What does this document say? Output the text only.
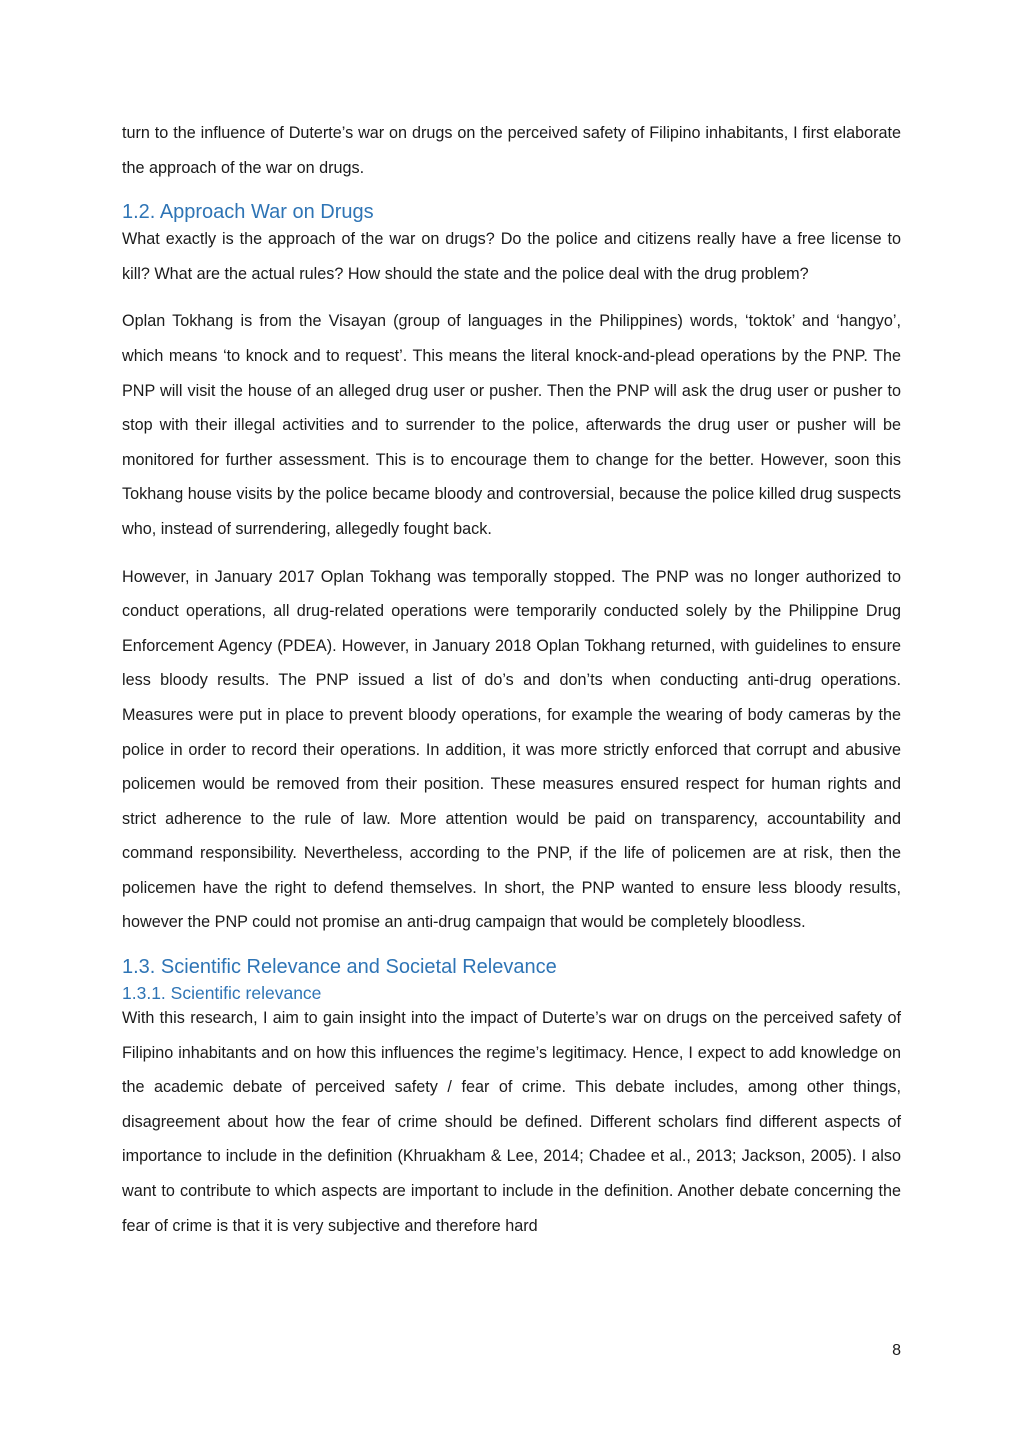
turn to the influence of Duterte’s war on drugs on the perceived safety of Filipino inhabitants, I first elaborate the approach of the war on drugs.

1.2. Approach War on Drugs

What exactly is the approach of the war on drugs? Do the police and citizens really have a free license to kill? What are the actual rules? How should the state and the police deal with the drug problem?

Oplan Tokhang is from the Visayan (group of languages in the Philippines) words, ‘toktok’ and ‘hangyo’, which means ‘to knock and to request’. This means the literal knock-and-plead operations by the PNP. The PNP will visit the house of an alleged drug user or pusher. Then the PNP will ask the drug user or pusher to stop with their illegal activities and to surrender to the police, afterwards the drug user or pusher will be monitored for further assessment. This is to encourage them to change for the better. However, soon this Tokhang house visits by the police became bloody and controversial, because the police killed drug suspects who, instead of surrendering, allegedly fought back.

However, in January 2017 Oplan Tokhang was temporally stopped. The PNP was no longer authorized to conduct operations, all drug-related operations were temporarily conducted solely by the Philippine Drug Enforcement Agency (PDEA). However, in January 2018 Oplan Tokhang returned, with guidelines to ensure less bloody results. The PNP issued a list of do’s and don’ts when conducting anti-drug operations. Measures were put in place to prevent bloody operations, for example the wearing of body cameras by the police in order to record their operations. In addition, it was more strictly enforced that corrupt and abusive policemen would be removed from their position. These measures ensured respect for human rights and strict adherence to the rule of law. More attention would be paid on transparency, accountability and command responsibility. Nevertheless, according to the PNP, if the life of policemen are at risk, then the policemen have the right to defend themselves. In short, the PNP wanted to ensure less bloody results, however the PNP could not promise an anti-drug campaign that would be completely bloodless.

1.3. Scientific Relevance and Societal Relevance
1.3.1. Scientific relevance

With this research, I aim to gain insight into the impact of Duterte’s war on drugs on the perceived safety of Filipino inhabitants and on how this influences the regime’s legitimacy. Hence, I expect to add knowledge on the academic debate of perceived safety / fear of crime. This debate includes, among other things, disagreement about how the fear of crime should be defined. Different scholars find different aspects of importance to include in the definition (Khruakham & Lee, 2014; Chadee et al., 2013; Jackson, 2005). I also want to contribute to which aspects are important to include in the definition. Another debate concerning the fear of crime is that it is very subjective and therefore hard

8
